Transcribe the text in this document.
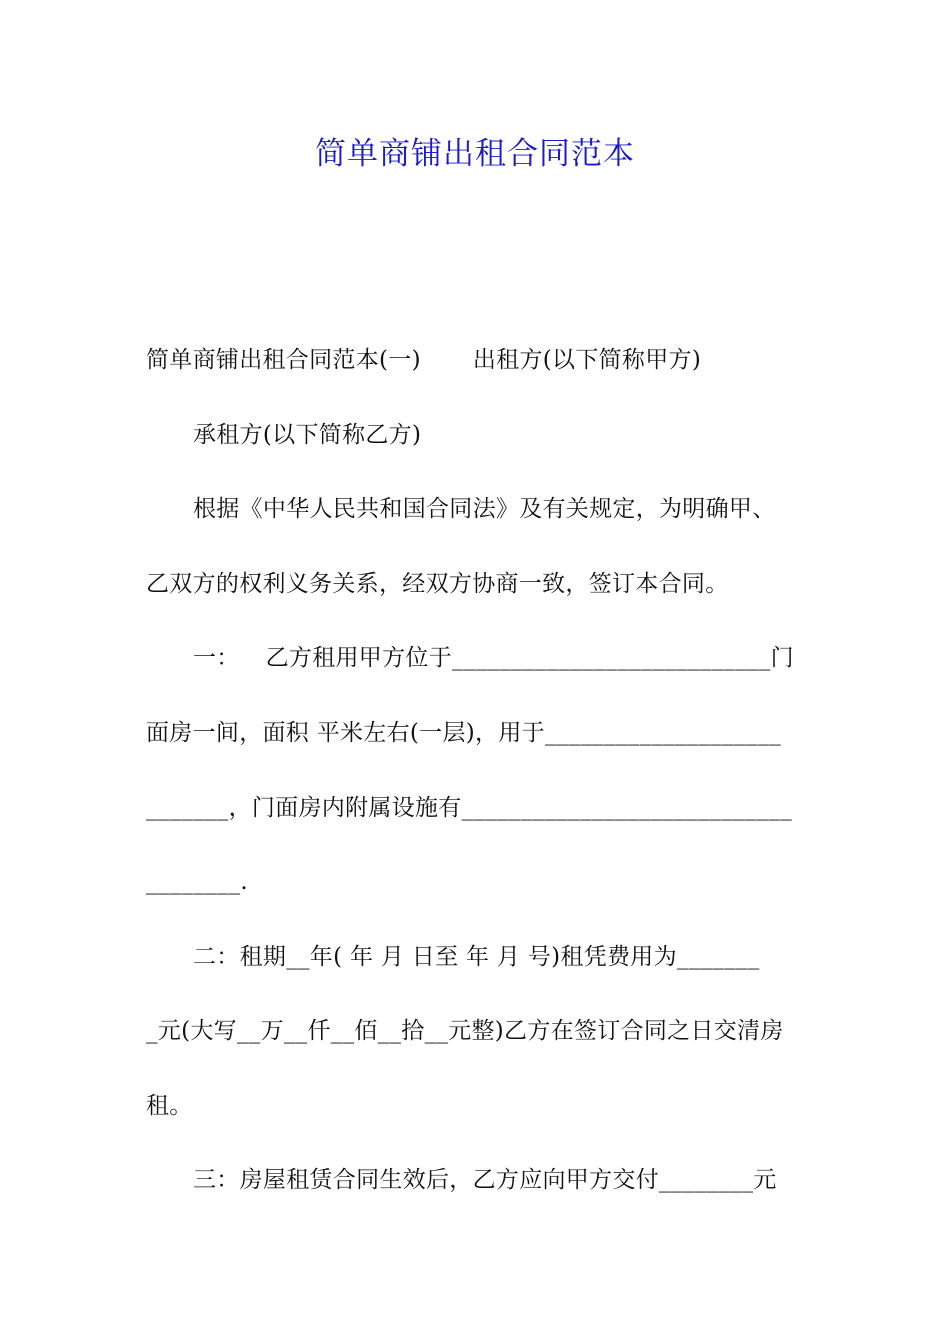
简单商铺出租合同范本
简单商铺出租合同范本(一) 出租方(以下简称甲方)
承租方(以下简称乙方)
根据《中华人民共和国合同法》及有关规定，为明确甲、
乙双方的权利义务关系，经双方协商一致，签订本合同。
一： 乙方租用甲方位于___________________________门
面房一间，面积 平米左右(一层)，用于____________________
_______，门面房内附属设施有____________________________
________.
二：租期__年( 年 月 日至 年 月 号)租凭费用为_______
_元(大写__万__仟__佰__拾__元整)乙方在签订合同之日交清房
租。
三：房屋租赁合同生效后，乙方应向甲方交付________元
